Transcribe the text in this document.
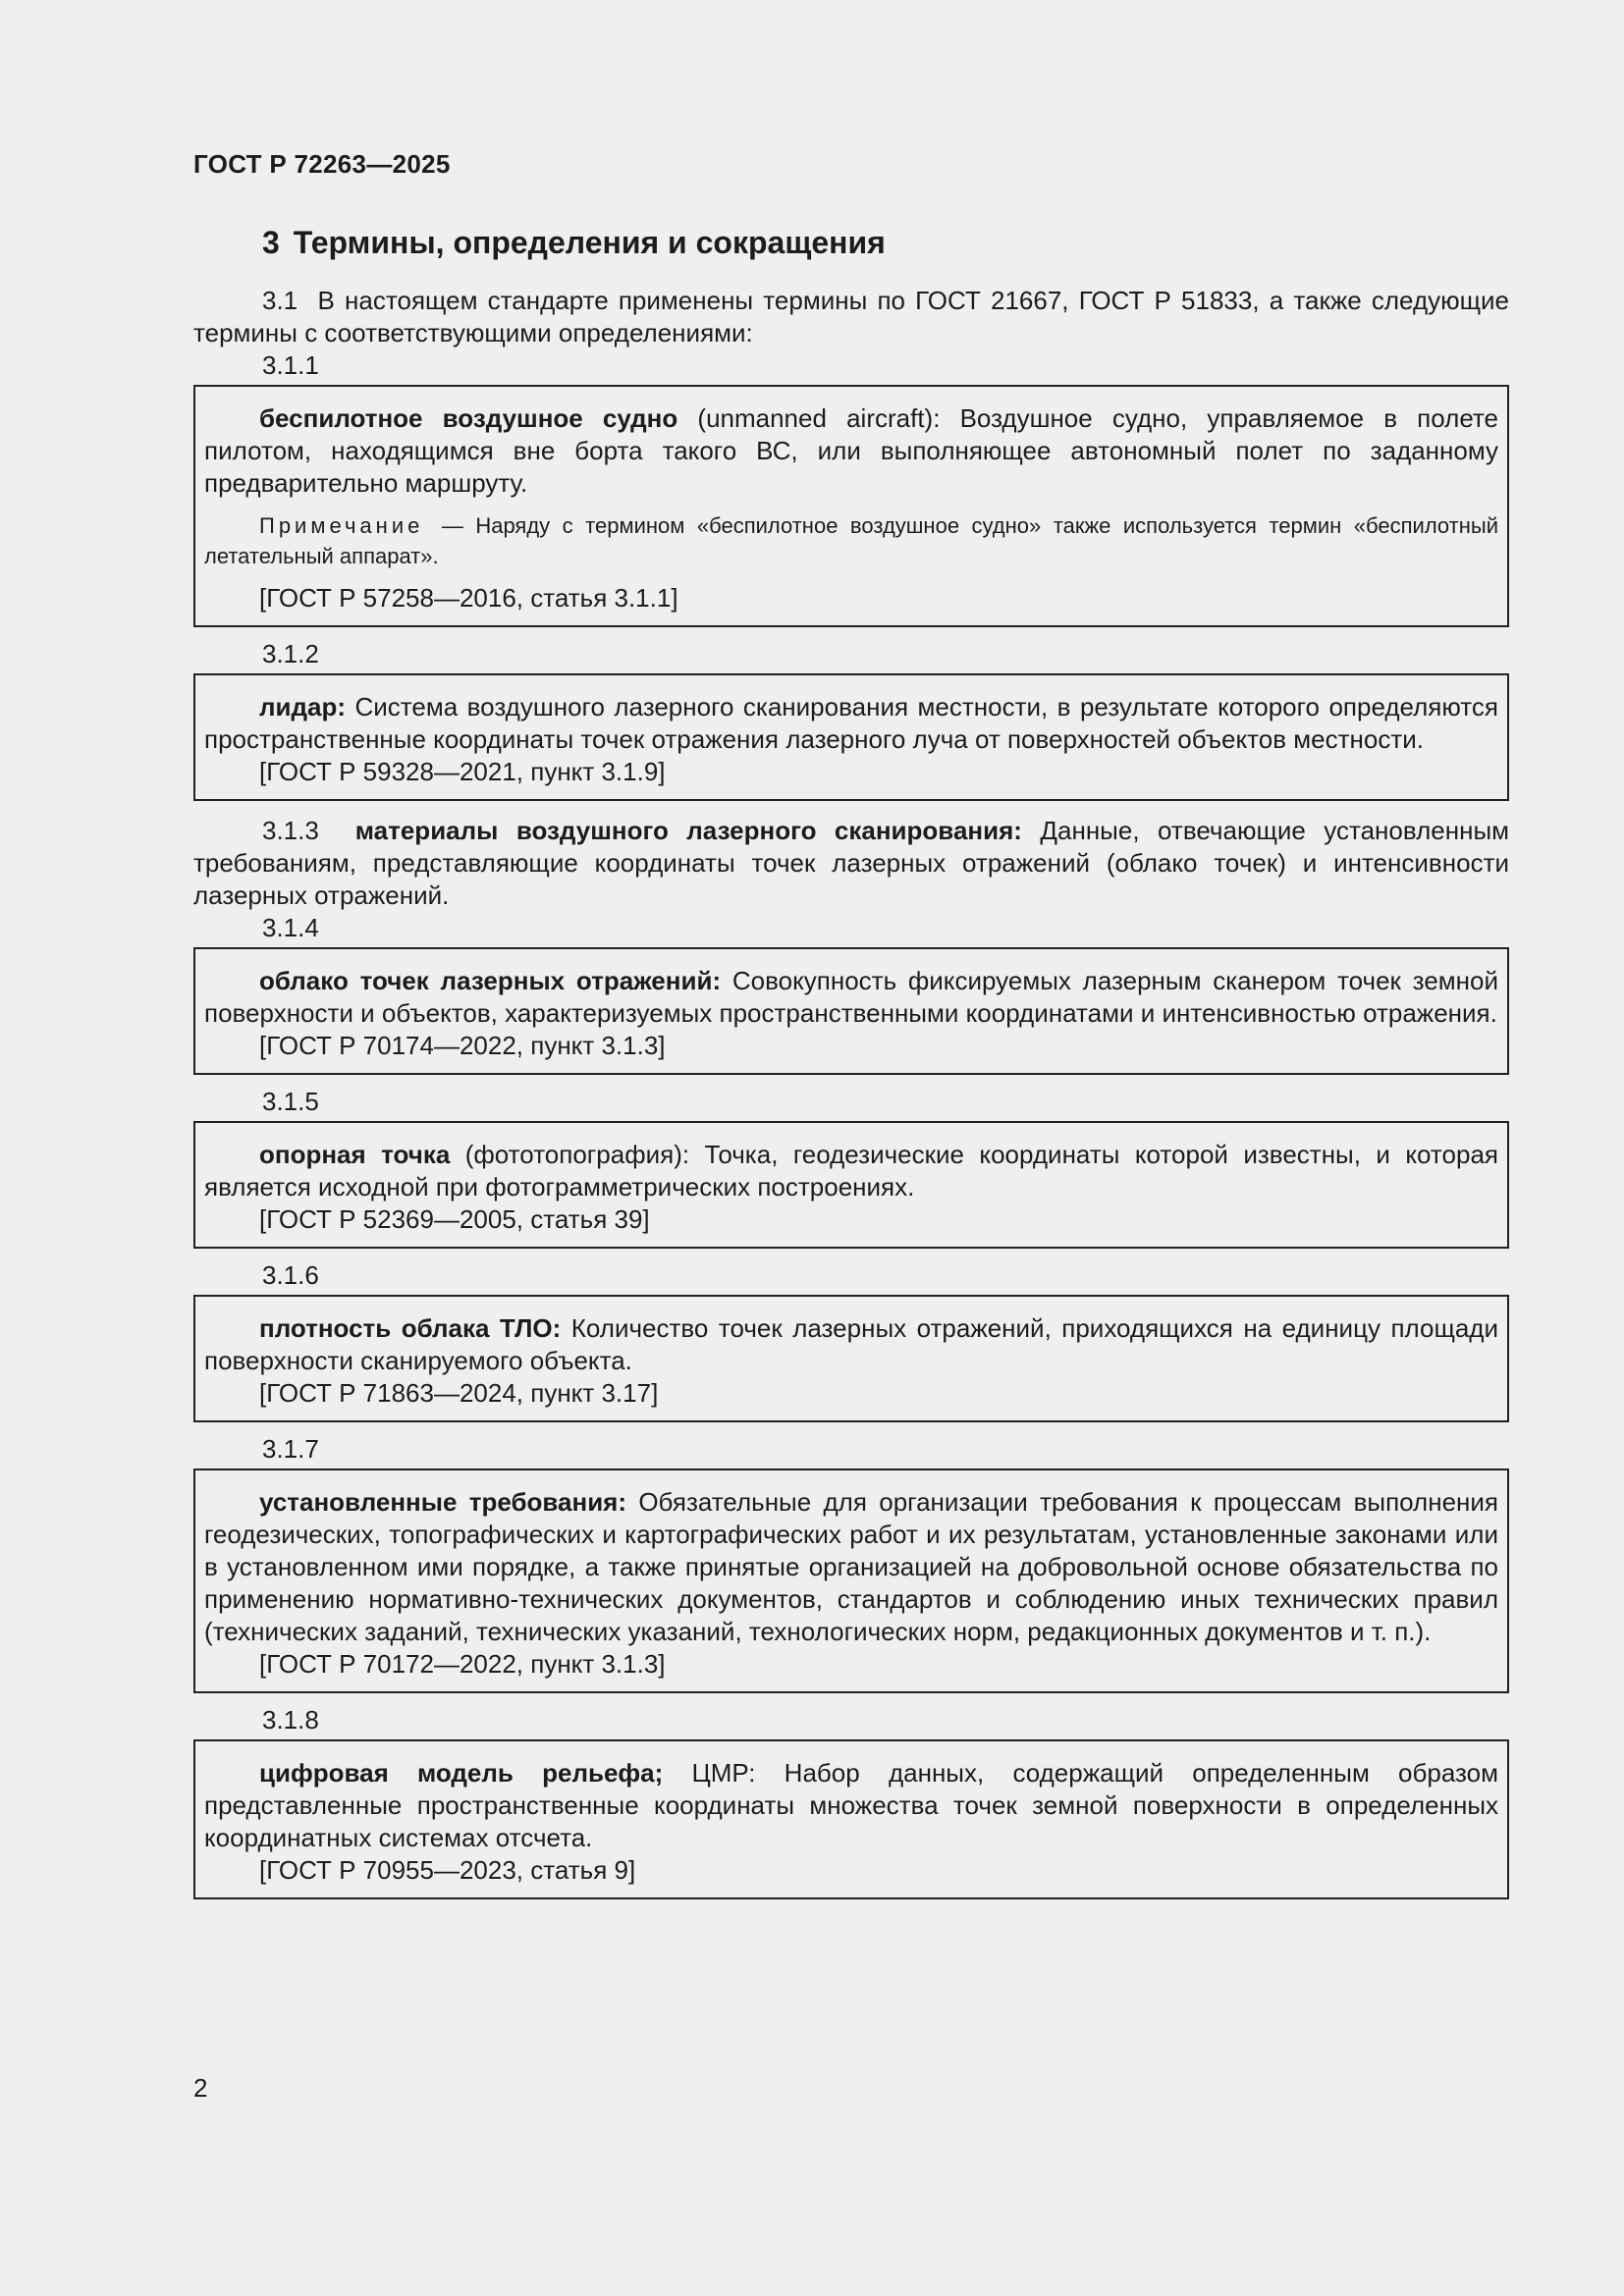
ГОСТ Р 72263—2025
3 Термины, определения и сокращения

3.1 В настоящем стандарте применены термины по ГОСТ 21667, ГОСТ Р 51833, а также следующие термины с соответствующими определениями:

3.1.1

беспилотное воздушное судно (unmanned aircraft): Воздушное судно, управляемое в полете пилотом, находящимся вне борта такого ВС, или выполняющее автономный полет по заданному предварительно маршруту.

Примечание — Наряду с термином «беспилотное воздушное судно» также используется термин «беспилотный летательный аппарат».

[ГОСТ Р 57258—2016, статья 3.1.1]

3.1.2

лидар: Система воздушного лазерного сканирования местности, в результате которого определяются пространственные координаты точек отражения лазерного луча от поверхностей объектов местности.

[ГОСТ Р 59328—2021, пункт 3.1.9]

3.1.3 материалы воздушного лазерного сканирования: Данные, отвечающие установленным требованиям, представляющие координаты точек лазерных отражений (облако точек) и интенсивности лазерных отражений.

3.1.4

облако точек лазерных отражений: Совокупность фиксируемых лазерным сканером точек земной поверхности и объектов, характеризуемых пространственными координатами и интенсивностью отражения.

[ГОСТ Р 70174—2022, пункт 3.1.3]

3.1.5

опорная точка (фототопография): Точка, геодезические координаты которой известны, и которая является исходной при фотограмметрических построениях.

[ГОСТ Р 52369—2005, статья 39]

3.1.6

плотность облака ТЛО: Количество точек лазерных отражений, приходящихся на единицу площади поверхности сканируемого объекта.

[ГОСТ Р 71863—2024, пункт 3.17]

3.1.7

установленные требования: Обязательные для организации требования к процессам выполнения геодезических, топографических и картографических работ и их результатам, установленные законами или в установленном ими порядке, а также принятые организацией на добровольной основе обязательства по применению нормативно-технических документов, стандартов и соблюдению иных технических правил (технических заданий, технических указаний, технологических норм, редакционных документов и т. п.).

[ГОСТ Р 70172—2022, пункт 3.1.3]

3.1.8

цифровая модель рельефа; ЦМР: Набор данных, содержащий определенным образом представленные пространственные координаты множества точек земной поверхности в определенных координатных системах отсчета.

[ГОСТ Р 70955—2023, статья 9]

2
